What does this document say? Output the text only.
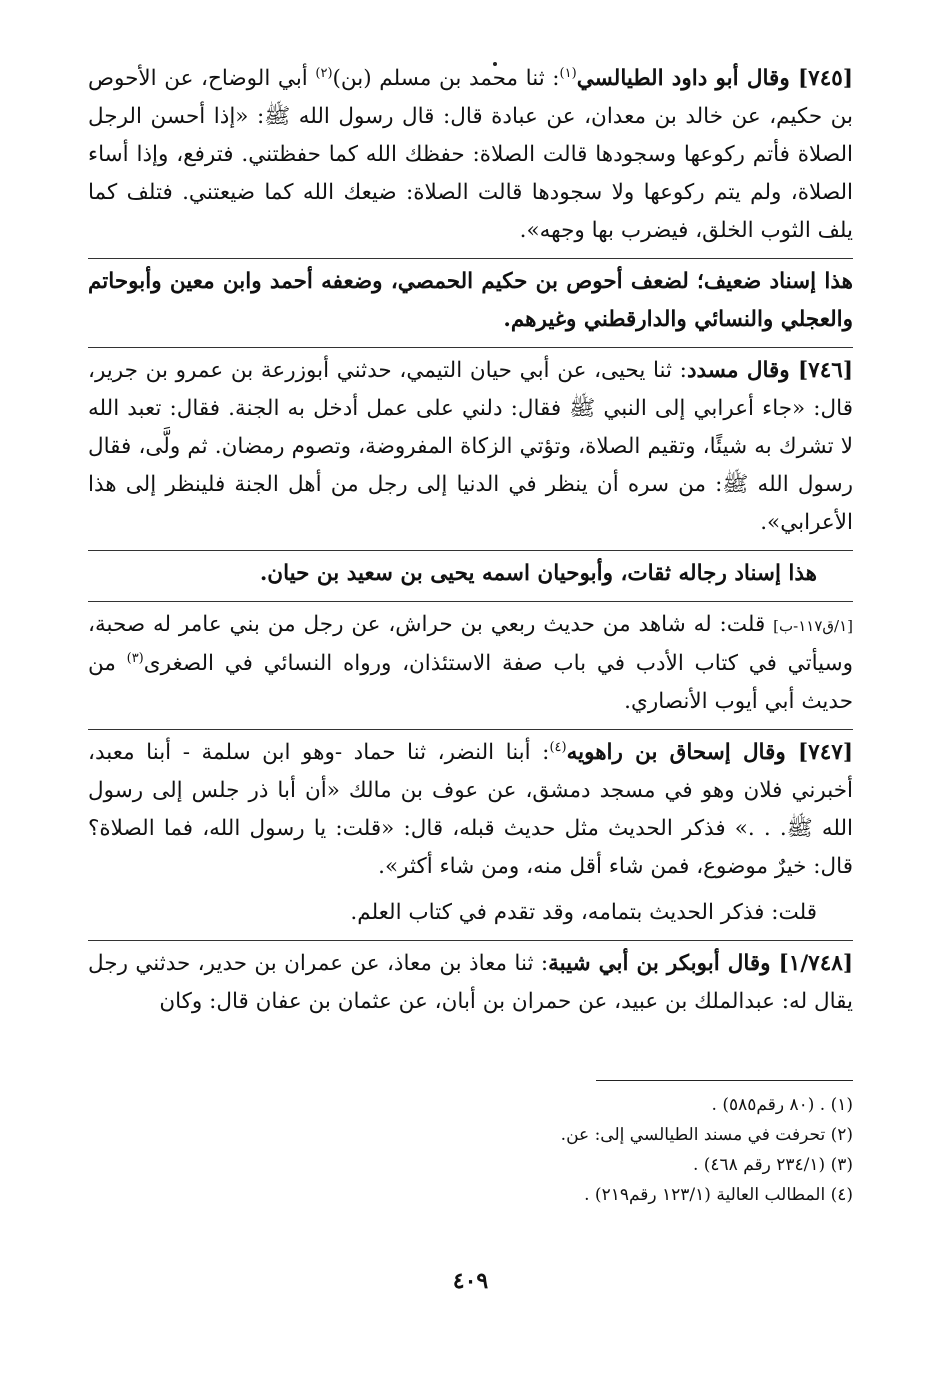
[٧٤٥] وقال أبو داود الطيالسي$^{(١)}$: ثنا محمد بن مسلم (بن)$^{(٢)}$ أبي الوضاح، عن الأحوص بن حكيم، عن خالد بن معدان، عن عبادة قال: قال رسول الله ﷺ: «إذا أحسن الرجل الصلاة فأتم ركوعها وسجودها قالت الصلاة: حفظك الله كما حفظتني. فترفع، وإذا أساء الصلاة، ولم يتم ركوعها ولا سجودها قالت الصلاة: ضيعك الله كما ضيعتني. فتلف كما يلف الثوب الخلق، فيضرب بها وجهه».

هذا إسناد ضعيف؛ لضعف أحوص بن حكيم الحمصي، وضعفه أحمد وابن معين وأبوحاتم والعجلي والنسائي والدارقطني وغيرهم.

[٧٤٦] وقال مسدد: ثنا يحيى، عن أبي حيان التيمي، حدثني أبوزرعة بن عمرو بن جرير، قال: «جاء أعرابي إلى النبي ﷺ فقال: دلني على عمل أدخل به الجنة. فقال: تعبد الله لا تشرك به شيئًا، وتقيم الصلاة، وتؤتي الزكاة المفروضة، وتصوم رمضان. ثم ولَّى، فقال رسول الله ﷺ: من سره أن ينظر في الدنيا إلى رجل من أهل الجنة فلينظر إلى هذا الأعرابي».

هذا إسناد رجاله ثقات، وأبوحيان اسمه يحيى بن سعيد بن حيان.

[١/ق١١٧-ب] قلت: له شاهد من حديث ربعي بن حراش، عن رجل من بني عامر له صحبة، وسيأتي في كتاب الأدب في باب صفة الاستئذان، ورواه النسائي في الصغرى$^{(٣)}$ من حديث أبي أيوب الأنصاري.

[٧٤٧] وقال إسحاق بن راهويه$^{(٤)}$: أبنا النضر، ثنا حماد -وهو ابن سلمة - أبنا معبد، أخبرني فلان وهو في مسجد دمشق، عن عوف بن مالك «أن أبا ذر جلس إلى رسول الله ﷺ. . .» فذكر الحديث مثل حديث قبله، قال: «قلت: يا رسول الله، فما الصلاة؟ قال: خيرٌ موضوع، فمن شاء أقل منه، ومن شاء أكثر».

قلت: فذكر الحديث بتمامه، وقد تقدم في كتاب العلم.

[١/٧٤٨] وقال أبوبكر بن أبي شيبة: ثنا معاذ بن معاذ، عن عمران بن حدير، حدثني رجل يقال له: عبدالملك بن عبيد، عن حمران بن أبان، عن عثمان بن عفان قال: وكان

(١) . (٨٠ رقم٥٨٥) .
(٢) تحرفت في مسند الطيالسي إلى: عن.
(٣) (٢٣٤/١ رقم ٤٦٨) .
(٤) المطالب العالية (١٢٣/١ رقم٢١٩) .
٤٠٩
